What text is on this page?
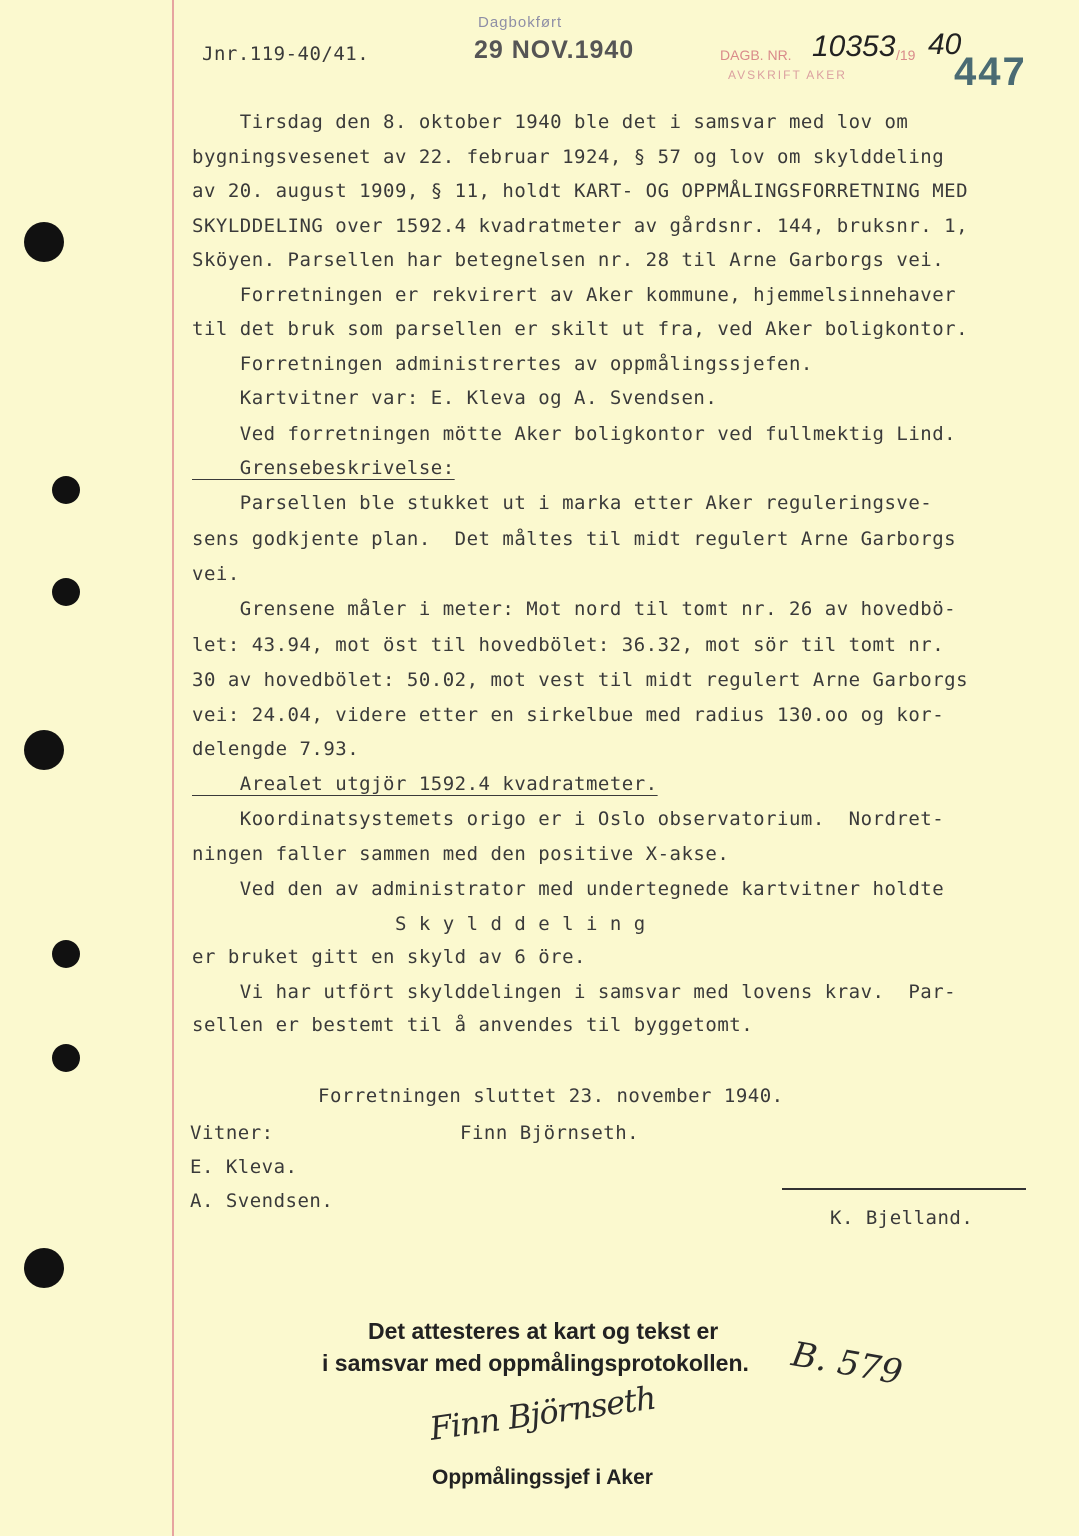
Jnr.119-40/41.
Dagbokført
29 NOV.1940	DAGB. NR. 10353 /19 40
AVSKRIFT AKER	447
Tirsdag den 8. oktober 1940 ble det i samsvar med lov om
bygningsvesenet av 22. februar 1924, § 57 og lov om skylddeling
av 20. august 1909, § 11, holdt KART- OG OPPMÅLINGSFORRETNING MED
SKYLDDELING over 1592.4 kvadratmeter av gårdsnr. 144, bruksnr. 1,
Sköyen. Parsellen har betegnelsen nr. 28 til Arne Garborgs vei.
Forretningen er rekvirert av Aker kommune, hjemmelsinnehaver
til det bruk som parsellen er skilt ut fra, ved Aker boligkontor.
Forretningen administrertes av oppmålingssjefen.
Kartvitner var: E. Kleva og A. Svendsen.
Ved forretningen mötte Aker boligkontor ved fullmektig Lind.
Grensebeskrivelse:
Parsellen ble stukket ut i marka etter Aker reguleringsve-
sens godkjente plan.  Det måltes til midt regulert Arne Garborgs
vei.
Grensene måler i meter: Mot nord til tomt nr. 26 av hovedbö-
let: 43.94, mot öst til hovedbölet: 36.32, mot sör til tomt nr.
30 av hovedbölet: 50.02, mot vest til midt regulert Arne Garborgs
vei: 24.04, videre etter en sirkelbue med radius 130.oo og kor-
delengde 7.93.
Arealet utgjör 1592.4 kvadratmeter.
Koordinatsystemets origo er i Oslo observatorium.  Nordret-
ningen faller sammen med den positive X-akse.
Ved den av administrator med undertegnede kartvitner holdte
S k y l d d e l i n g
er bruket gitt en skyld av 6 öre.
Vi har utfört skylddelingen i samsvar med lovens krav.  Par-
sellen er bestemt til å anvendes til byggetomt.
Forretningen sluttet 23. november 1940.
Vitner:	Finn Björnseth.
E. Kleva.
A. Svendsen.
K. Bjelland.
Det attesteres at kart og tekst er
i samsvar med oppmålingsprotokollen.
Finn Björnseth
Oppmålingssjef i Aker
B. 579
